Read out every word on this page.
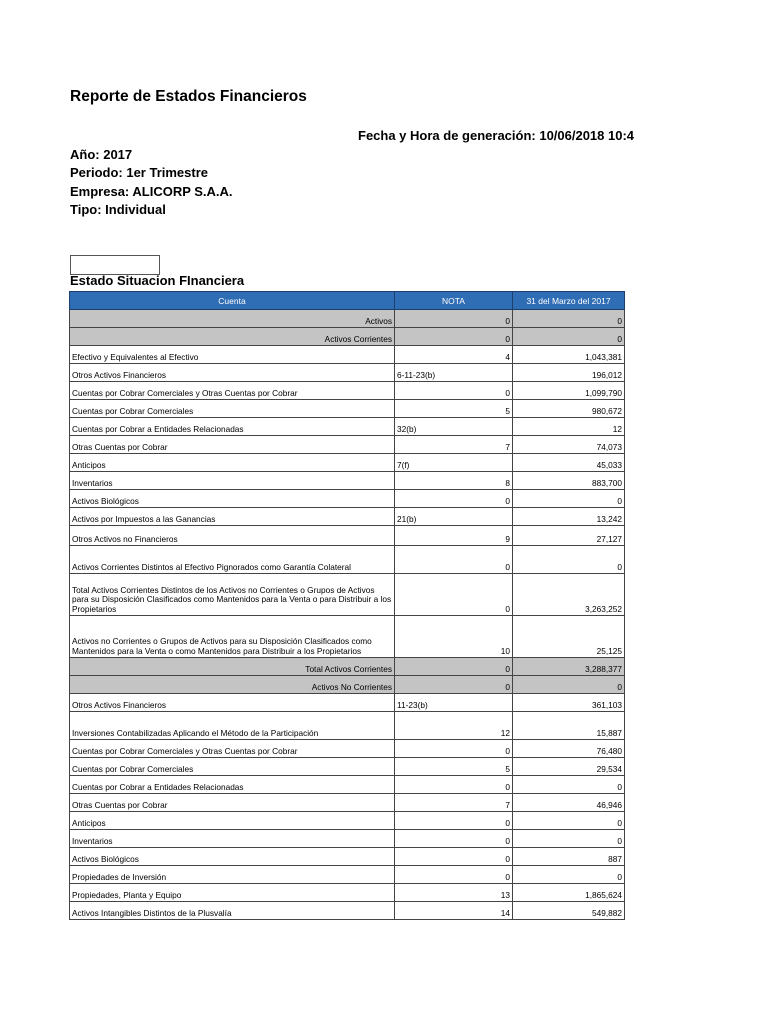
Reporte de Estados Financieros
Fecha y Hora de generación: 10/06/2018 10:4
Año: 2017
Periodo: 1er Trimestre
Empresa: ALICORP S.A.A.
Tipo: Individual
Estado Situacion FInanciera
Cuenta	NOTA	31 del Marzo del 2017
Activos	0	0
Activos Corrientes	0	0
Efectivo y Equivalentes al Efectivo	4	1,043,381
Otros Activos Financieros	6-11-23(b)	196,012
Cuentas por Cobrar Comerciales y Otras Cuentas por Cobrar	0	1,099,790
Cuentas por Cobrar Comerciales	5	980,672
Cuentas por Cobrar a Entidades Relacionadas	32(b)	12
Otras Cuentas por Cobrar	7	74,073
Anticipos	7(f)	45,033
Inventarios	8	883,700
Activos Biológicos	0	0
Activos por Impuestos a las Ganancias	21(b)	13,242
Otros Activos no Financieros	9	27,127
Activos Corrientes Distintos al Efectivo Pignorados como Garantía Colateral	0	0
Total Activos Corrientes Distintos de los Activos no Corrientes o Grupos de Activos para su Disposición Clasificados como Mantenidos para la Venta o para Distribuir a los Propietarios	0	3,263,252
Activos no Corrientes o Grupos de Activos para su Disposición Clasificados como Mantenidos para la Venta o como Mantenidos para Distribuir a los Propietarios	10	25,125
Total Activos Corrientes	0	3,288,377
Activos No Corrientes	0	0
Otros Activos Financieros	11-23(b)	361,103
Inversiones Contabilizadas Aplicando el Método de la Participación	12	15,887
Cuentas por Cobrar Comerciales y Otras Cuentas por Cobrar	0	76,480
Cuentas por Cobrar Comerciales	5	29,534
Cuentas por Cobrar a Entidades Relacionadas	0	0
Otras Cuentas por Cobrar	7	46,946
Anticipos	0	0
Inventarios	0	0
Activos Biológicos	0	887
Propiedades de Inversión	0	0
Propiedades, Planta y Equipo	13	1,865,624
Activos Intangibles Distintos de la Plusvalía	14	549,882
